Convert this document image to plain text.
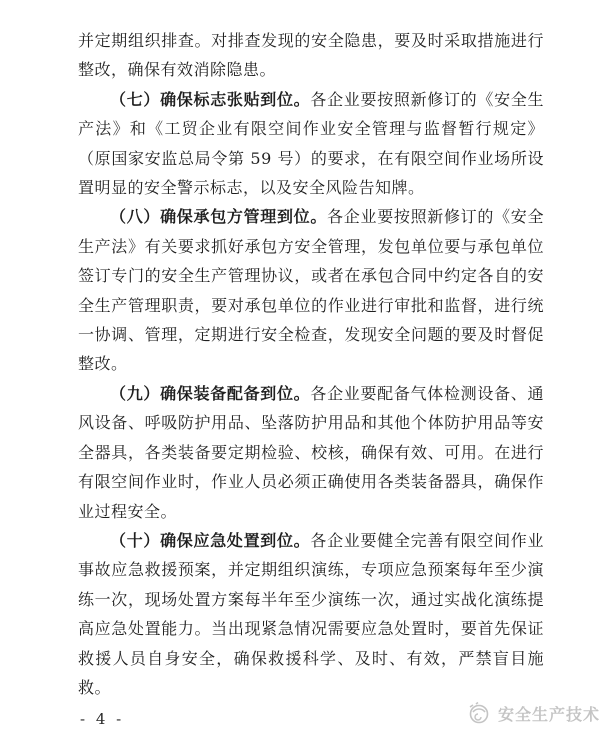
并定期组织排查。对排查发现的安全隐患，要及时采取措施进行整改，确保有效消除隐患。

（七）确保标志张贴到位。各企业要按照新修订的《安全生产法》和《工贸企业有限空间作业安全管理与监督暂行规定》（原国家安监总局令第 59 号）的要求，在有限空间作业场所设置明显的安全警示标志，以及安全风险告知牌。

（八）确保承包方管理到位。各企业要按照新修订的《安全生产法》有关要求抓好承包方安全管理，发包单位要与承包单位签订专门的安全生产管理协议，或者在承包合同中约定各自的安全生产管理职责，要对承包单位的作业进行审批和监督，进行统一协调、管理，定期进行安全检查，发现安全问题的要及时督促整改。

（九）确保装备配备到位。各企业要配备气体检测设备、通风设备、呼吸防护用品、坠落防护用品和其他个体防护用品等安全器具，各类装备要定期检验、校核，确保有效、可用。在进行有限空间作业时，作业人员必须正确使用各类装备器具，确保作业过程安全。

（十）确保应急处置到位。各企业要健全完善有限空间作业事故应急救援预案，并定期组织演练，专项应急预案每年至少演练一次，现场处置方案每半年至少演练一次，通过实战化演练提高应急处置能力。当出现紧急情况需要应急处置时，要首先保证救援人员自身安全，确保救援科学、及时、有效，严禁盲目施救。

- 4 -	安全生产技术
